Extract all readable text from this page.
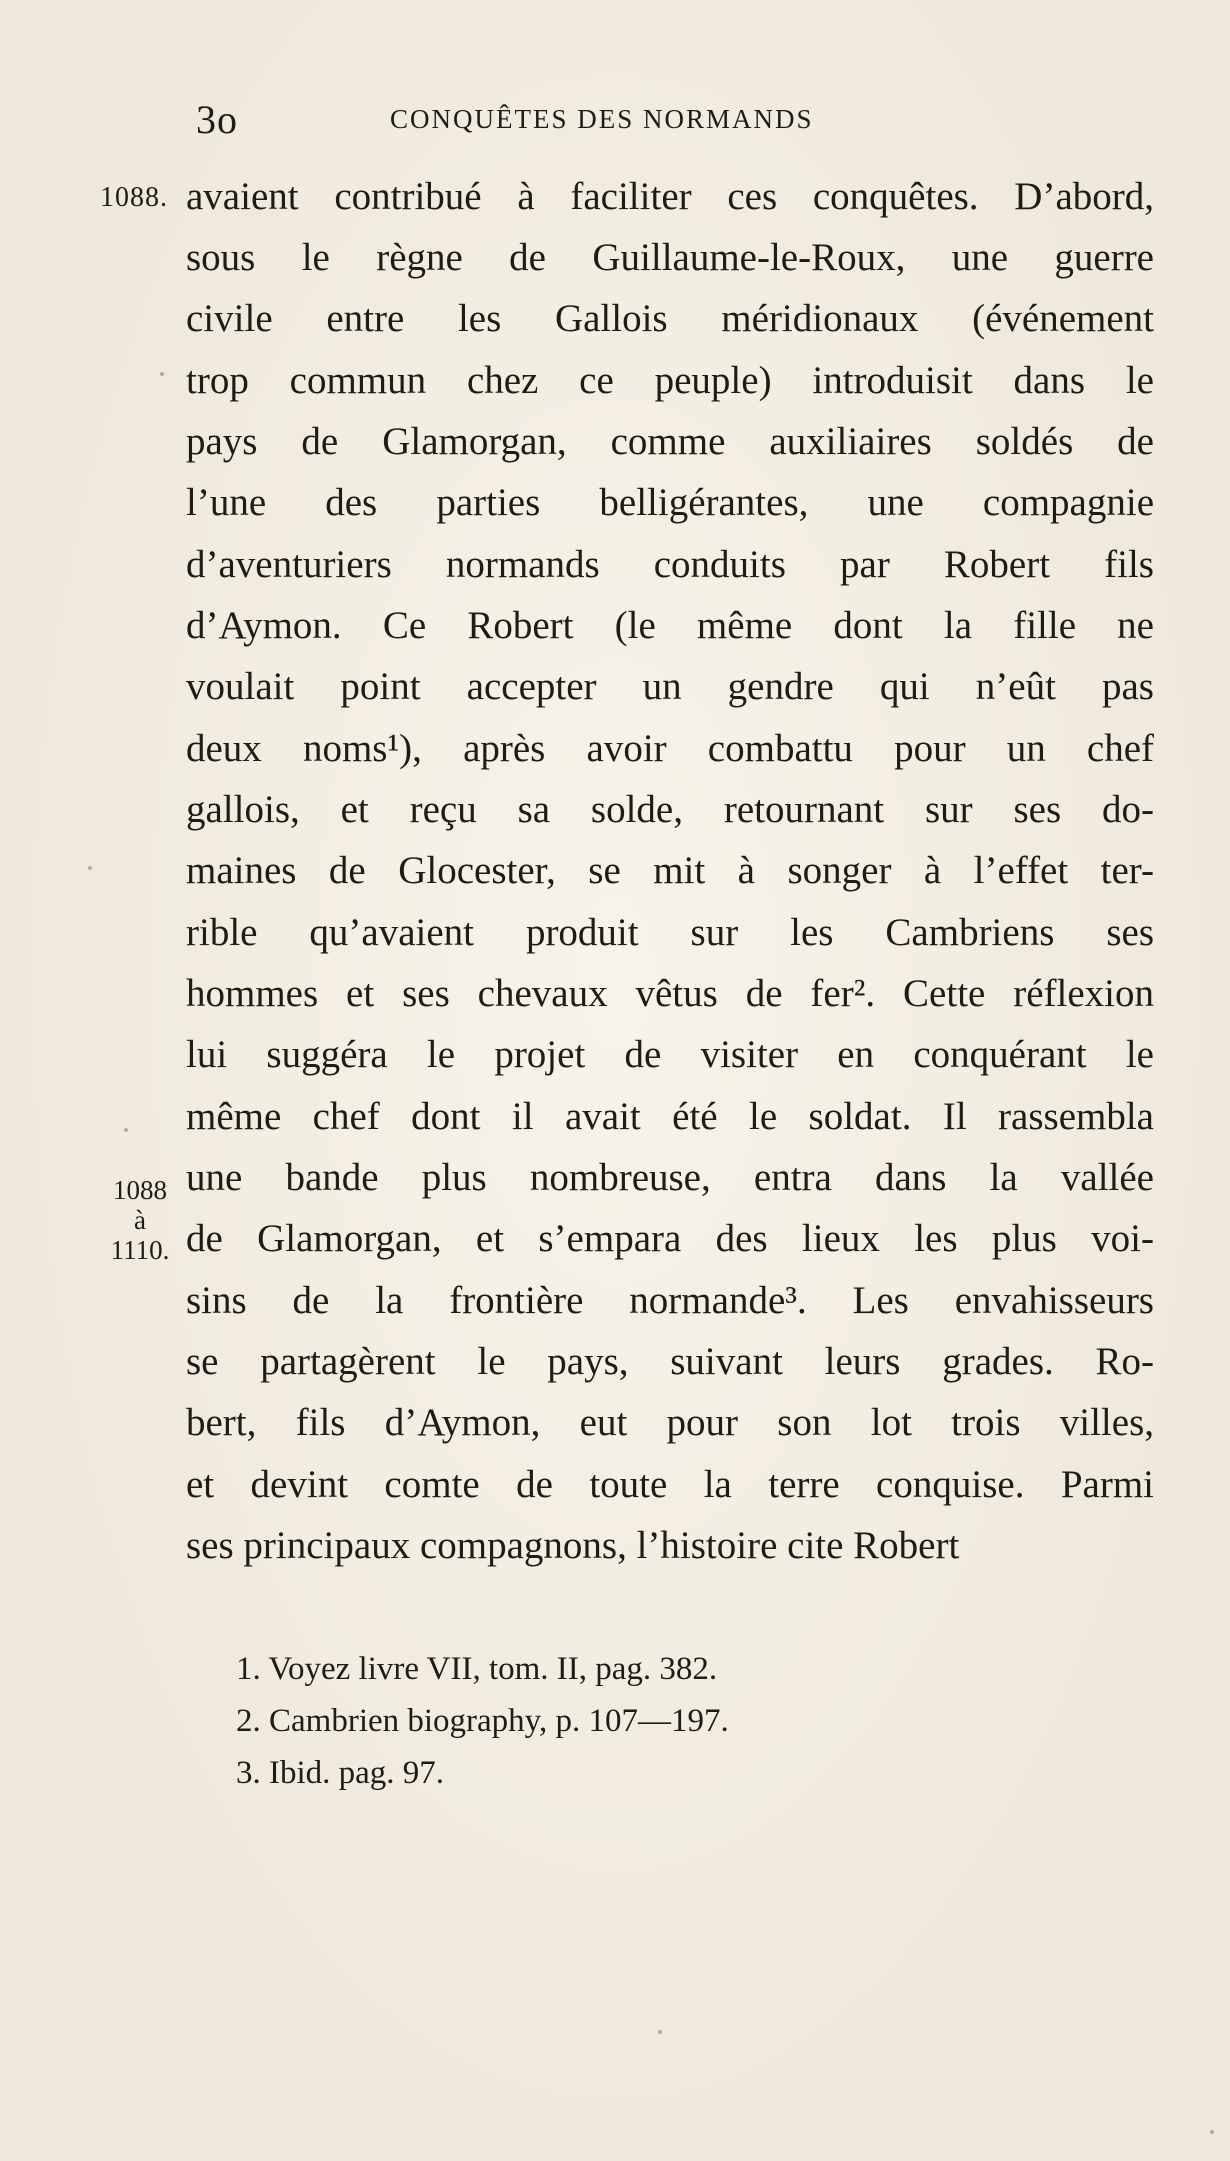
3o	CONQUÊTES DES NORMANDS
1088.
1088
à
1110.
avaient contribué à faciliter ces conquêtes. D’abord,
sous le règne de Guillaume-le-Roux, une guerre
civile entre les Gallois méridionaux (événement
trop commun chez ce peuple) introduisit dans le
pays de Glamorgan, comme auxiliaires soldés de
l’une des parties belligérantes, une compagnie
d’aventuriers normands conduits par Robert fils
d’Aymon. Ce Robert (le même dont la fille ne
voulait point accepter un gendre qui n’eût pas
deux noms¹), après avoir combattu pour un chef
gallois, et reçu sa solde, retournant sur ses do-
maines de Glocester, se mit à songer à l’effet ter-
rible qu’avaient produit sur les Cambriens ses
hommes et ses chevaux vêtus de fer². Cette réflexion
lui suggéra le projet de visiter en conquérant le
même chef dont il avait été le soldat. Il rassembla
une bande plus nombreuse, entra dans la vallée
de Glamorgan, et s’empara des lieux les plus voi-
sins de la frontière normande³. Les envahisseurs
se partagèrent le pays, suivant leurs grades. Ro-
bert, fils d’Aymon, eut pour son lot trois villes,
et devint comte de toute la terre conquise. Parmi
ses principaux compagnons, l’histoire cite Robert
1. Voyez livre VII, tom. II, pag. 382.
2. Cambrien biography, p. 107—197.
3. Ibid. pag. 97.
